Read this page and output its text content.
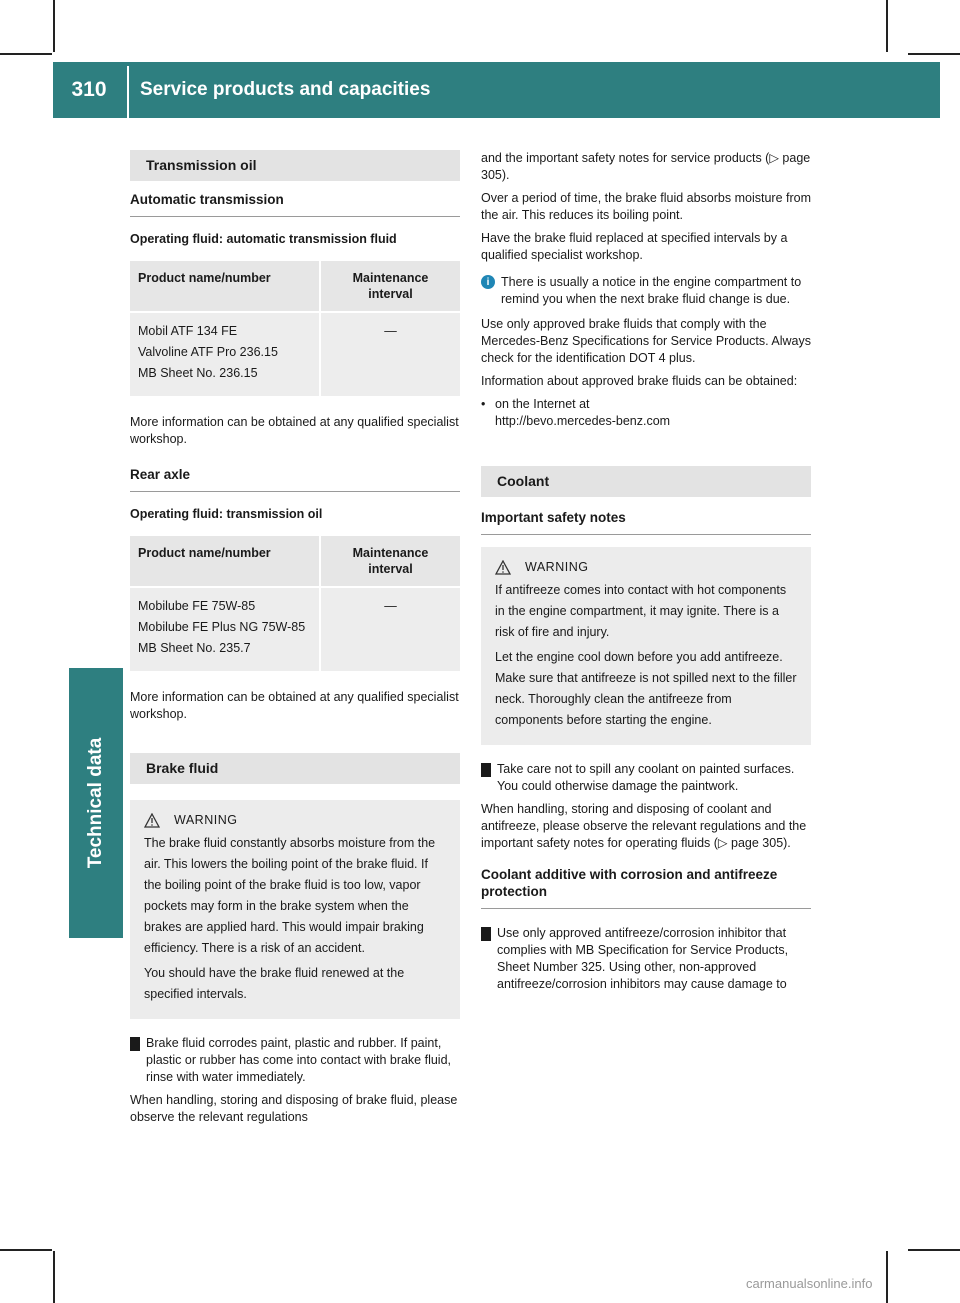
310	Service products and capacities
Technical data
Transmission oil
Automatic transmission
Operating fluid: automatic transmission fluid
Product name/number	Maintenance interval

Mobil ATF 134 FE

Valvoline ATF Pro 236.15

MB Sheet No. 236.15	—

More information can be obtained at any qualified specialist workshop.

Rear axle
Operating fluid: transmission oil
Product name/number	Maintenance interval

Mobilube FE 75W-85

Mobilube FE Plus NG 75W-85

MB Sheet No. 235.7	—

More information can be obtained at any qualified specialist workshop.

Brake fluid
WARNING

The brake fluid constantly absorbs moisture from the air. This lowers the boiling point of the brake fluid. If the boiling point of the brake fluid is too low, vapor pockets may form in the brake system when the brakes are applied hard. This would impair braking efficiency. There is a risk of an accident.

You should have the brake fluid renewed at the specified intervals.

Brake fluid corrodes paint, plastic and rubber. If paint, plastic or rubber has come into contact with brake fluid, rinse with water immediately.

When handling, storing and disposing of brake fluid, please observe the relevant regulations

and the important safety notes for service products (▷ page 305).

Over a period of time, the brake fluid absorbs moisture from the air. This reduces its boiling point.

Have the brake fluid replaced at specified intervals by a qualified specialist workshop.

i There is usually a notice in the engine compartment to remind you when the next brake fluid change is due.

Use only approved brake fluids that comply with the Mercedes-Benz Specifications for Service Products. Always check for the identification DOT 4 plus.

Information about approved brake fluids can be obtained:

• on the Internet at

http://bevo.mercedes-benz.com

Coolant
Important safety notes
WARNING

If antifreeze comes into contact with hot components in the engine compartment, it may ignite. There is a risk of fire and injury.

Let the engine cool down before you add antifreeze. Make sure that antifreeze is not spilled next to the filler neck. Thoroughly clean the antifreeze from components before starting the engine.

Take care not to spill any coolant on painted surfaces. You could otherwise damage the paintwork.

When handling, storing and disposing of coolant and antifreeze, please observe the relevant regulations and the important safety notes for operating fluids (▷ page 305).

Coolant additive with corrosion and antifreeze protection

Use only approved antifreeze/corrosion inhibitor that complies with MB Specification for Service Products, Sheet Number 325. Using other, non-approved antifreeze/corrosion inhibitors may cause damage to

carmanualsonline.info
